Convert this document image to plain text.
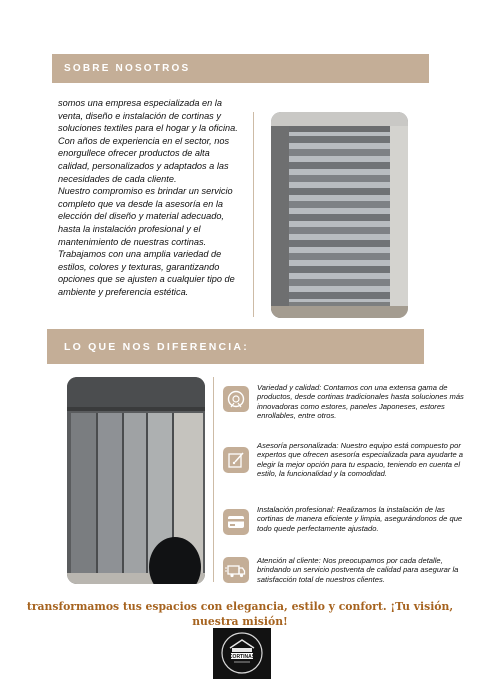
SOBRE NOSOTROS
somos una empresa especializada en la venta, diseño e instalación de cortinas y soluciones textiles para el hogar y la oficina. Con años de experiencia en el sector, nos enorgullece ofrecer productos de alta calidad, personalizados y adaptados a las necesidades de cada cliente.
Nuestro compromiso es brindar un servicio completo que va desde la asesoría en la elección del diseño y material adecuado, hasta la instalación profesional y el mantenimiento de nuestras cortinas. Trabajamos con una amplia variedad de estilos, colores y texturas, garantizando opciones que se ajusten a cualquier tipo de ambiente y preferencia estética.
LO QUE NOS DIFERENCIA:
Variedad y calidad: Contamos con una extensa gama de productos, desde cortinas tradicionales hasta soluciones más innovadoras como estores, paneles Japoneses, estores enrollables, entre otros.
Asesoría personalizada: Nuestro equipo está compuesto por expertos que ofrecen asesoría especializada para ayudarte a elegir la mejor opción para tu espacio, teniendo en cuenta el estilo, la funcionalidad y la comodidad.
Instalación profesional: Realizamos la instalación de las cortinas de manera eficiente y limpia, asegurándonos de que todo quede perfectamente ajustado.
Atención al cliente: Nos preocupamos por cada detalle, brindando un servicio postventa de calidad para asegurar la satisfacción total de nuestros clientes.
transformamos tus espacios con elegancia, estilo y confort. ¡Tu visión, nuestra misión!
CORTINAS
